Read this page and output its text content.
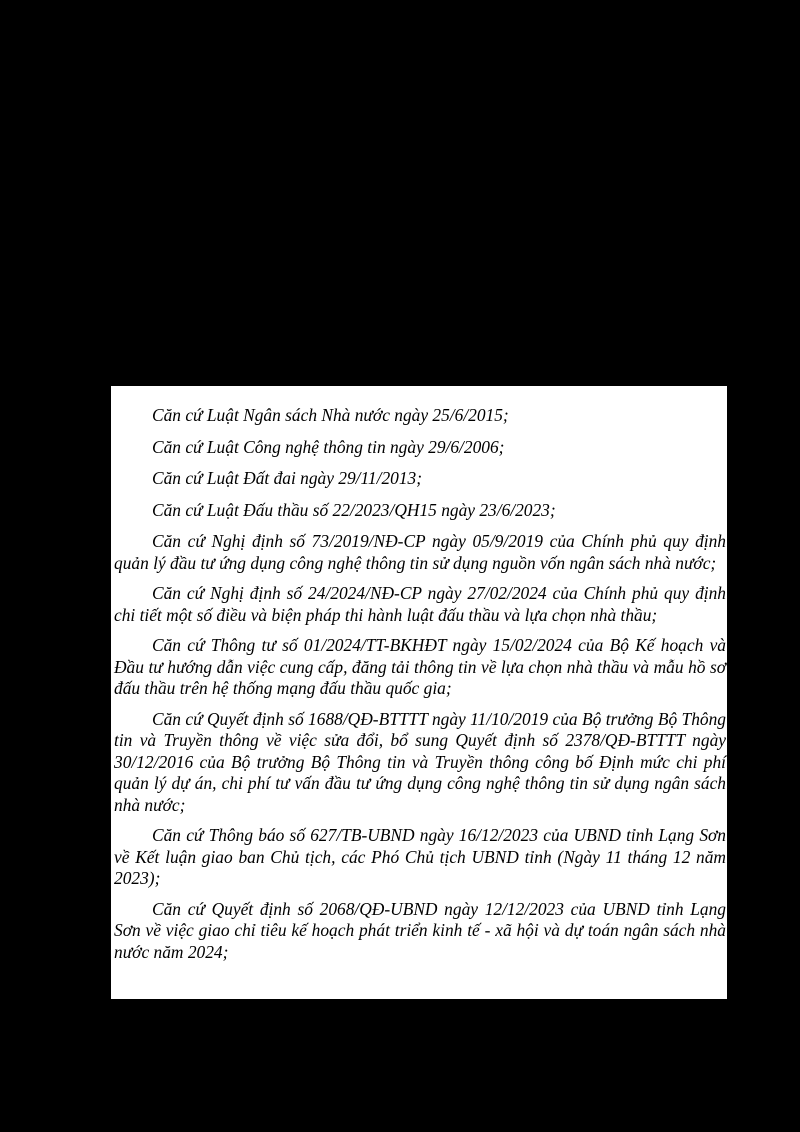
Căn cứ Luật Ngân sách Nhà nước ngày 25/6/2015;

Căn cứ Luật Công nghệ thông tin ngày 29/6/2006;

Căn cứ Luật Đất đai ngày 29/11/2013;

Căn cứ Luật Đấu thầu số 22/2023/QH15 ngày 23/6/2023;

Căn cứ Nghị định số 73/2019/NĐ-CP ngày 05/9/2019 của Chính phủ quy định quản lý đầu tư ứng dụng công nghệ thông tin sử dụng nguồn vốn ngân sách nhà nước;

Căn cứ Nghị định số 24/2024/NĐ-CP ngày 27/02/2024 của Chính phủ quy định chi tiết một số điều và biện pháp thi hành luật đấu thầu và lựa chọn nhà thầu;

Căn cứ Thông tư số 01/2024/TT-BKHĐT ngày 15/02/2024 của Bộ Kế hoạch và Đầu tư hướng dẫn việc cung cấp, đăng tải thông tin về lựa chọn nhà thầu và mẫu hồ sơ đấu thầu trên hệ thống mạng đấu thầu quốc gia;

Căn cứ Quyết định số 1688/QĐ-BTTTT ngày 11/10/2019 của Bộ trưởng Bộ Thông tin và Truyền thông về việc sửa đổi, bổ sung Quyết định số 2378/QĐ-BTTTT ngày 30/12/2016 của Bộ trưởng Bộ Thông tin và Truyền thông công bố Định mức chi phí quản lý dự án, chi phí tư vấn đầu tư ứng dụng công nghệ thông tin sử dụng ngân sách nhà nước;

Căn cứ Thông báo số 627/TB-UBND ngày 16/12/2023 của UBND tỉnh Lạng Sơn về Kết luận giao ban Chủ tịch, các Phó Chủ tịch UBND tỉnh (Ngày 11 tháng 12 năm 2023);

Căn cứ Quyết định số 2068/QĐ-UBND ngày 12/12/2023 của UBND tỉnh Lạng Sơn về việc giao chỉ tiêu kế hoạch phát triển kinh tế - xã hội và dự toán ngân sách nhà nước năm 2024;
